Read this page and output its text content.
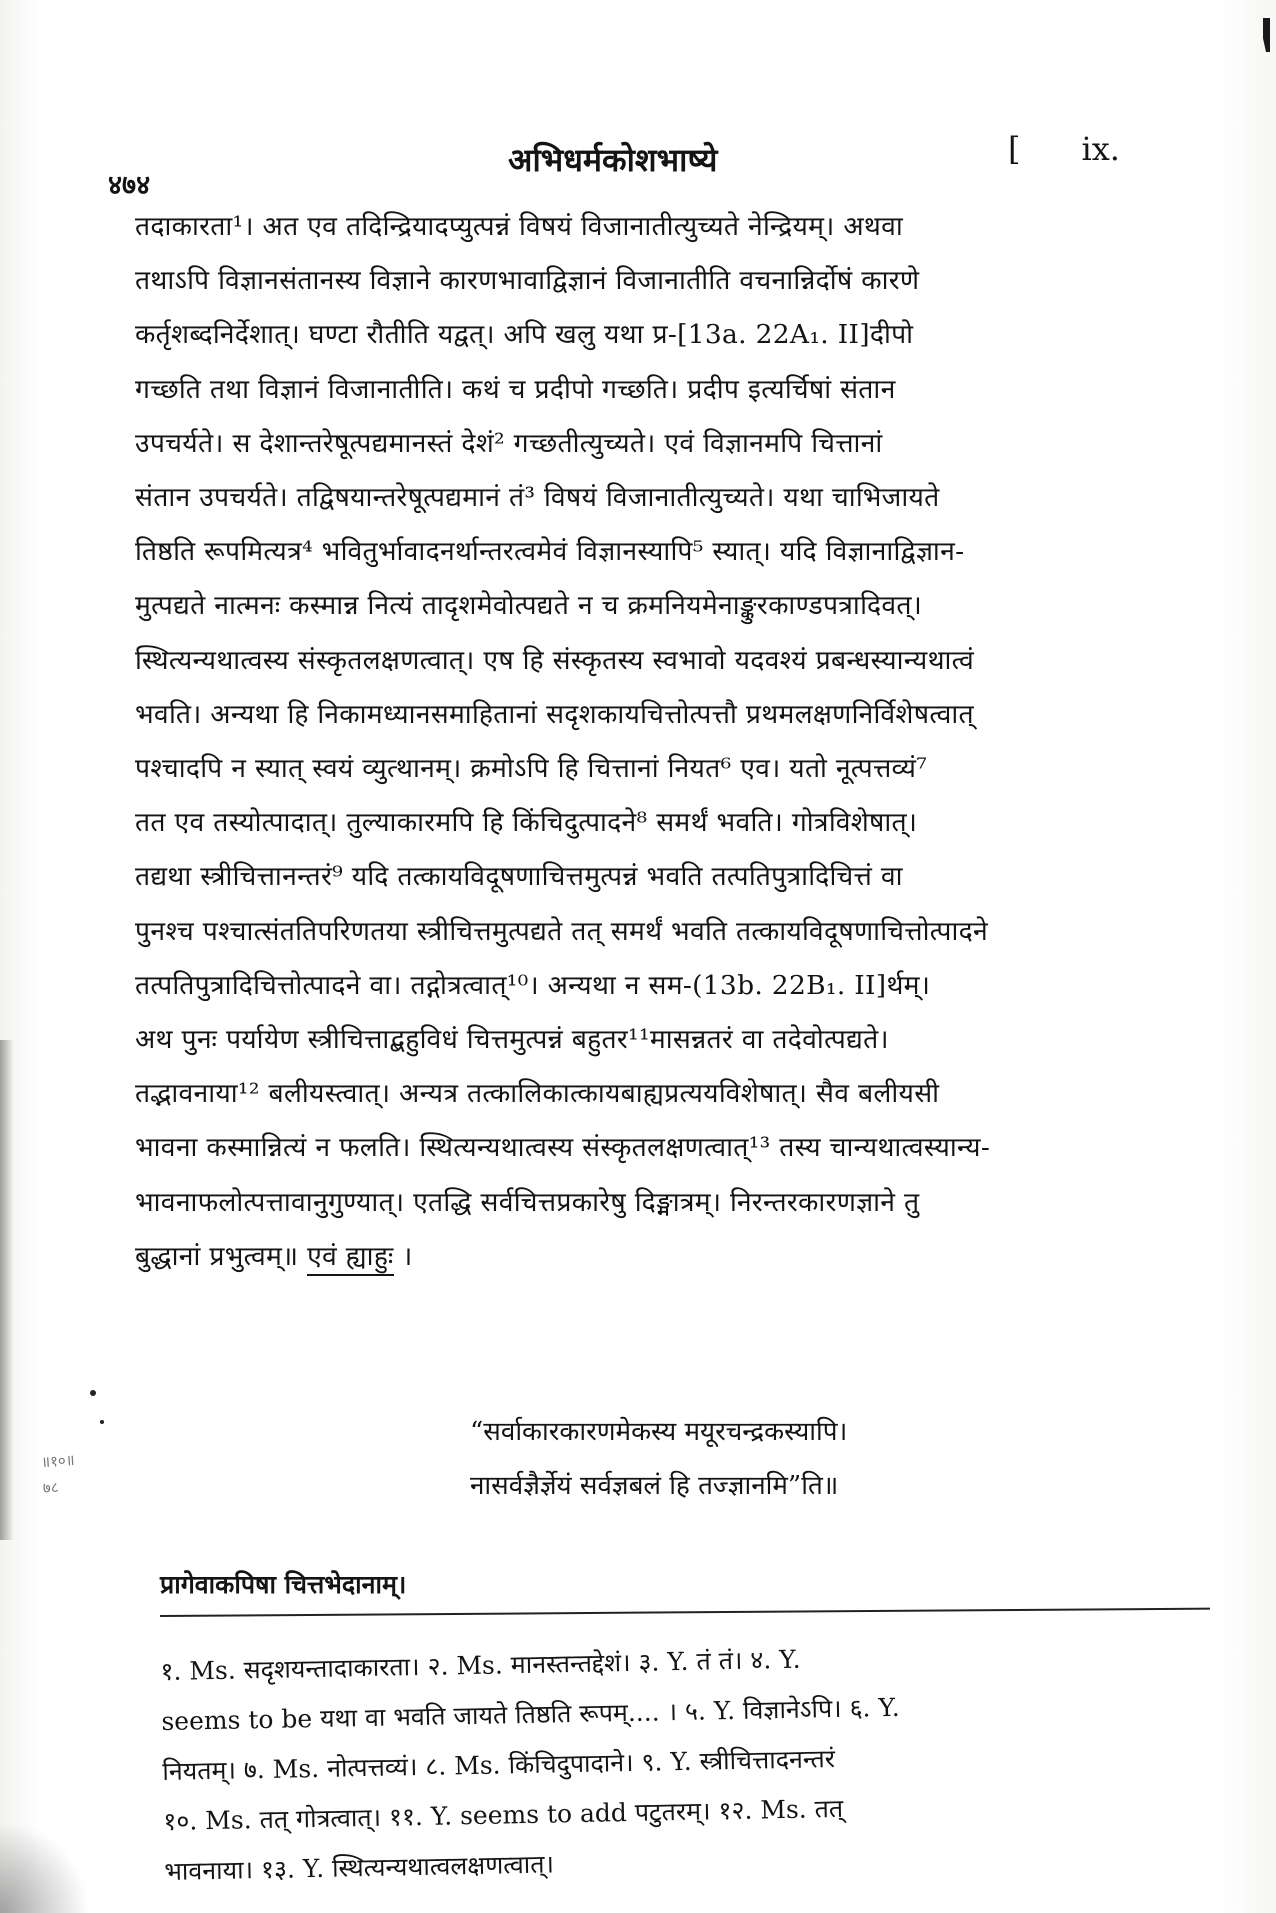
॥१०॥
७८
४७४
अभिधर्मकोशभाष्ये	[      ix.
तदाकारता¹। अत एव तदिन्द्रियादप्युत्पन्नं विषयं विजानातीत्युच्यते नेन्द्रियम्। अथवा
तथाऽपि विज्ञानसंतानस्य विज्ञाने कारणभावाद्विज्ञानं विजानातीति वचनान्निर्दोषं कारणे
कर्तृशब्दनिर्देशात्। घण्टा रौतीति यद्वत्। अपि खलु यथा प्र-[13a. 22A₁. II]दीपो
गच्छति तथा विज्ञानं विजानातीति। कथं च प्रदीपो गच्छति। प्रदीप इत्यर्चिषां संतान
उपचर्यते। स देशान्तरेषूत्पद्यमानस्तं देशं² गच्छतीत्युच्यते। एवं विज्ञानमपि चित्तानां
संतान उपचर्यते। तद्विषयान्तरेषूत्पद्यमानं तं³ विषयं विजानातीत्युच्यते। यथा चाभिजायते
तिष्ठति रूपमित्यत्र⁴ भवितुर्भावादनर्थान्तरत्वमेवं विज्ञानस्यापि⁵ स्यात्। यदि विज्ञानाद्विज्ञान-
मुत्पद्यते नात्मनः कस्मान्न नित्यं तादृशमेवोत्पद्यते न च क्रमनियमेनाङ्कुरकाण्डपत्रादिवत्।
स्थित्यन्यथात्वस्य संस्कृतलक्षणत्वात्। एष हि संस्कृतस्य स्वभावो यदवश्यं प्रबन्धस्यान्यथात्वं
भवति। अन्यथा हि निकामध्यानसमाहितानां सदृशकायचित्तोत्पत्तौ प्रथमलक्षणनिर्विशेषत्वात्
पश्चादपि न स्यात् स्वयं व्युत्थानम्। क्रमोऽपि हि चित्तानां नियत⁶ एव। यतो नूत्पत्तव्यं⁷
तत एव तस्योत्पादात्। तुल्याकारमपि हि किंचिदुत्पादने⁸ समर्थं भवति। गोत्रविशेषात्।
तद्यथा स्त्रीचित्तानन्तरं⁹ यदि तत्कायविदूषणाचित्तमुत्पन्नं भवति तत्पतिपुत्रादिचित्तं वा
पुनश्च पश्चात्संततिपरिणतया स्त्रीचित्तमुत्पद्यते तत् समर्थं भवति तत्कायविदूषणाचित्तोत्पादने
तत्पतिपुत्रादिचित्तोत्पादने वा। तद्गोत्रत्वात्¹⁰। अन्यथा न सम-(13b. 22B₁. II]र्थम्।
अथ पुनः पर्यायेण स्त्रीचित्ताद्बहुविधं चित्तमुत्पन्नं बहुतर¹¹मासन्नतरं वा तदेवोत्पद्यते।
तद्भावनाया¹² बलीयस्त्वात्। अन्यत्र तत्कालिकात्कायबाह्यप्रत्ययविशेषात्। सैव बलीयसी
भावना कस्मान्नित्यं न फलति। स्थित्यन्यथात्वस्य संस्कृतलक्षणत्वात्¹³ तस्य चान्यथात्वस्यान्य-
भावनाफलोत्पत्तावानुगुण्यात्। एतद्धि सर्वचित्तप्रकारेषु दिङ्मात्रम्। निरन्तरकारणज्ञाने तु
बुद्धानां प्रभुत्वम्॥ एवं ह्याहुः ।
“सर्वाकारकारणमेकस्य मयूरचन्द्रकस्यापि।
नासर्वज्ञैर्ज्ञेयं सर्वज्ञबलं हि तज्ज्ञानमि”ति॥
प्रागेवाकपिषा चित्तभेदानाम्।
१. Ms. सदृशयन्तादाकारता। २. Ms. मानस्तन्तद्देशं। ३. Y. तं तं। ४. Y.
seems to be यथा वा भवति जायते तिष्ठति रूपम्.... । ५. Y. विज्ञानेऽपि। ६. Y.
नियतम्। ७. Ms. नोत्पत्तव्यं। ८. Ms. किंचिदुपादाने। ९. Y. स्त्रीचित्तादनन्तरं
१०. Ms. तत् गोत्रत्वात्। ११. Y. seems to add पटुतरम्। १२. Ms. तत्
भावनाया। १३. Y. स्थित्यन्यथात्वलक्षणत्वात्।
